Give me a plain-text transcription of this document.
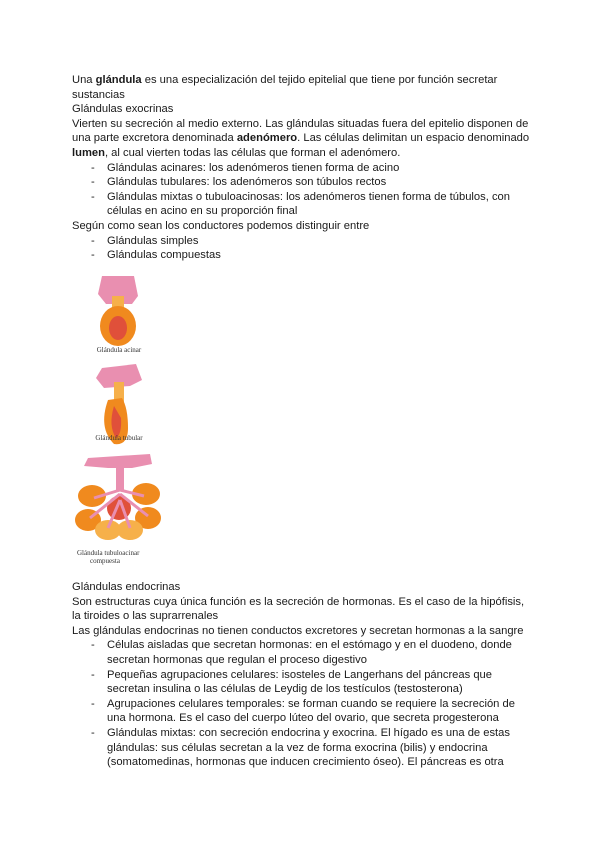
Una glándula es una especialización del tejido epitelial que tiene por función secretar sustancias

Glándulas exocrinas

Vierten su secreción al medio externo. Las glándulas situadas fuera del epitelio disponen de una parte excretora denominada adenómero. Las células delimitan un espacio denominado lumen, al cual vierten todas las células que forman el adenómero.

- Glándulas acinares: los adenómeros tienen forma de acino
- Glándulas tubulares: los adenómeros son túbulos rectos
- Glándulas mixtas o tubuloacinosas: los adenómeros tienen forma de túbulos, con células en acino en su proporción final

Según como sean los conductores podemos distinguir entre

- Glándulas simples
- Glándulas compuestas
Glándula acinar
Glándula tubular
Glándula tubuloacinar
compuesta

Glándulas endocrinas

Son estructuras cuya única función es la secreción de hormonas. Es el caso de la hipófisis, la tiroides o las suprarrenales

Las glándulas endocrinas no tienen conductos excretores y secretan hormonas a la sangre

- Células aisladas que secretan hormonas: en el estómago y en el duodeno, donde secretan hormonas que regulan el proceso digestivo
- Pequeñas agrupaciones celulares: isosteles de Langerhans del páncreas que secretan insulina o las células de Leydig de los testículos (testosterona)
- Agrupaciones celulares temporales: se forman cuando se requiere la secreción de una hormona. Es el caso del cuerpo lúteo del ovario, que secreta progesterona
- Glándulas mixtas: con secreción endocrina y exocrina. El hígado es una de estas glándulas: sus células secretan a la vez de forma exocrina (bilis) y endocrina (somatomedinas, hormonas que inducen crecimiento óseo). El páncreas es otra
